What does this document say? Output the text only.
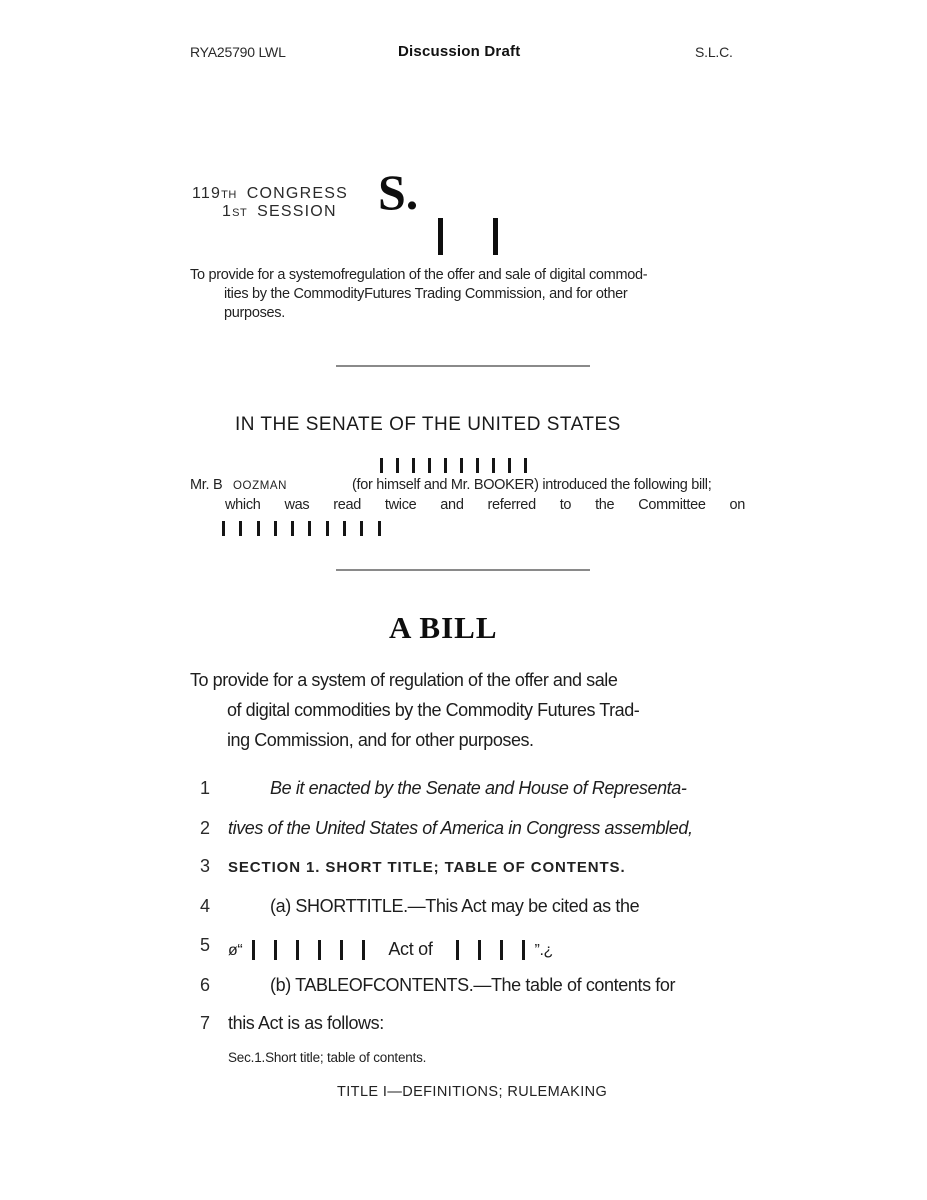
RYA25790 LWL	Discussion Draft	S.L.C.
119TH CONGRESS
1ST SESSION S.
To provide for a systemofregulation of the offer and sale of digital commod-
ities by the CommodityFutures Trading Commission, and for other
purposes.
IN THE SENATE OF THE UNITED STATES
Mr. B OOZMAN	(for himself and Mr. BOOKER) introduced the following bill;
which was read twice and referred to the Committee on
A BILL
To provide for a system of regulation of the offer and sale
of digital commodities by the Commodity Futures Trad-
ing Commission, and for other purposes.
1	Be it enacted by the Senate and House of Representa-
2 tives of the United States of America in Congress assembled,
3 SECTION 1. SHORT TITLE; TABLE OF CONTENTS.
4	(a) SHORTTITLE.—This Act may be cited as the
5 ø“	Act of	”.¿
6	(b) TABLEOFCONTENTS.—The table of contents for
7 this Act is as follows:
Sec.1.Short title; table of contents.
TITLE I—DEFINITIONS; RULEMAKING
